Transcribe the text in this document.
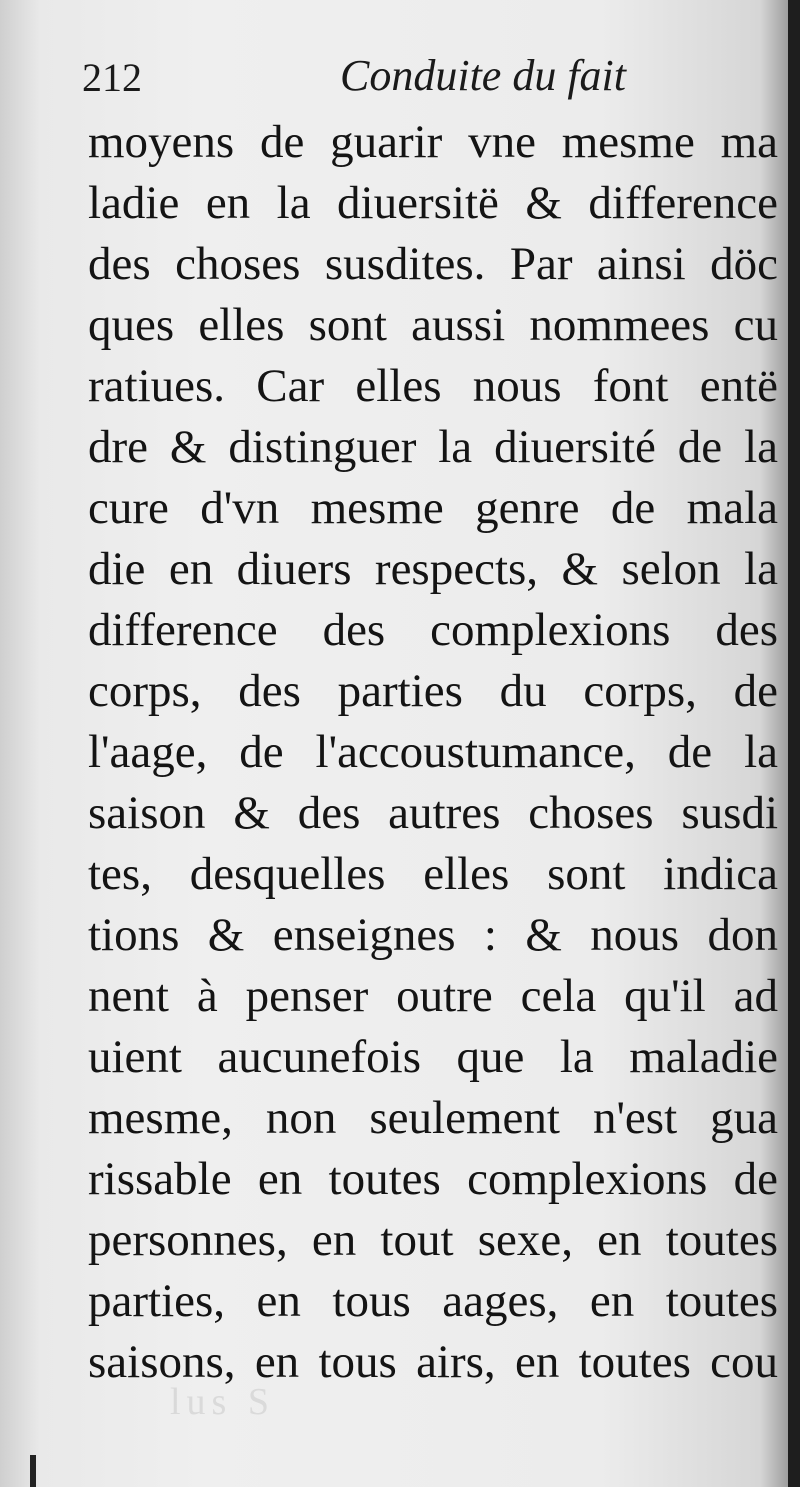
lus S
212	Conduite du fait
moyens de guarir vne mesme ma
ladie en la diuersitë & difference
des choses susdites. Par ainsi döc
ques elles sont aussi nommees cu
ratiues. Car elles nous font entë
dre & distinguer la diuersité de la
cure d'vn mesme genre de mala
die en diuers respects, & selon la
difference des complexions des
corps, des parties du corps, de
l'aage, de l'accoustumance, de la
saison & des autres choses susdi
tes, desquelles elles sont indica
tions & enseignes : & nous don
nent à penser outre cela qu'il ad
uient aucunefois que la maladie
mesme, non seulement n'est gua
rissable en toutes complexions de
personnes, en tout sexe, en toutes
parties, en tous aages, en toutes
saisons, en tous airs, en toutes cou
